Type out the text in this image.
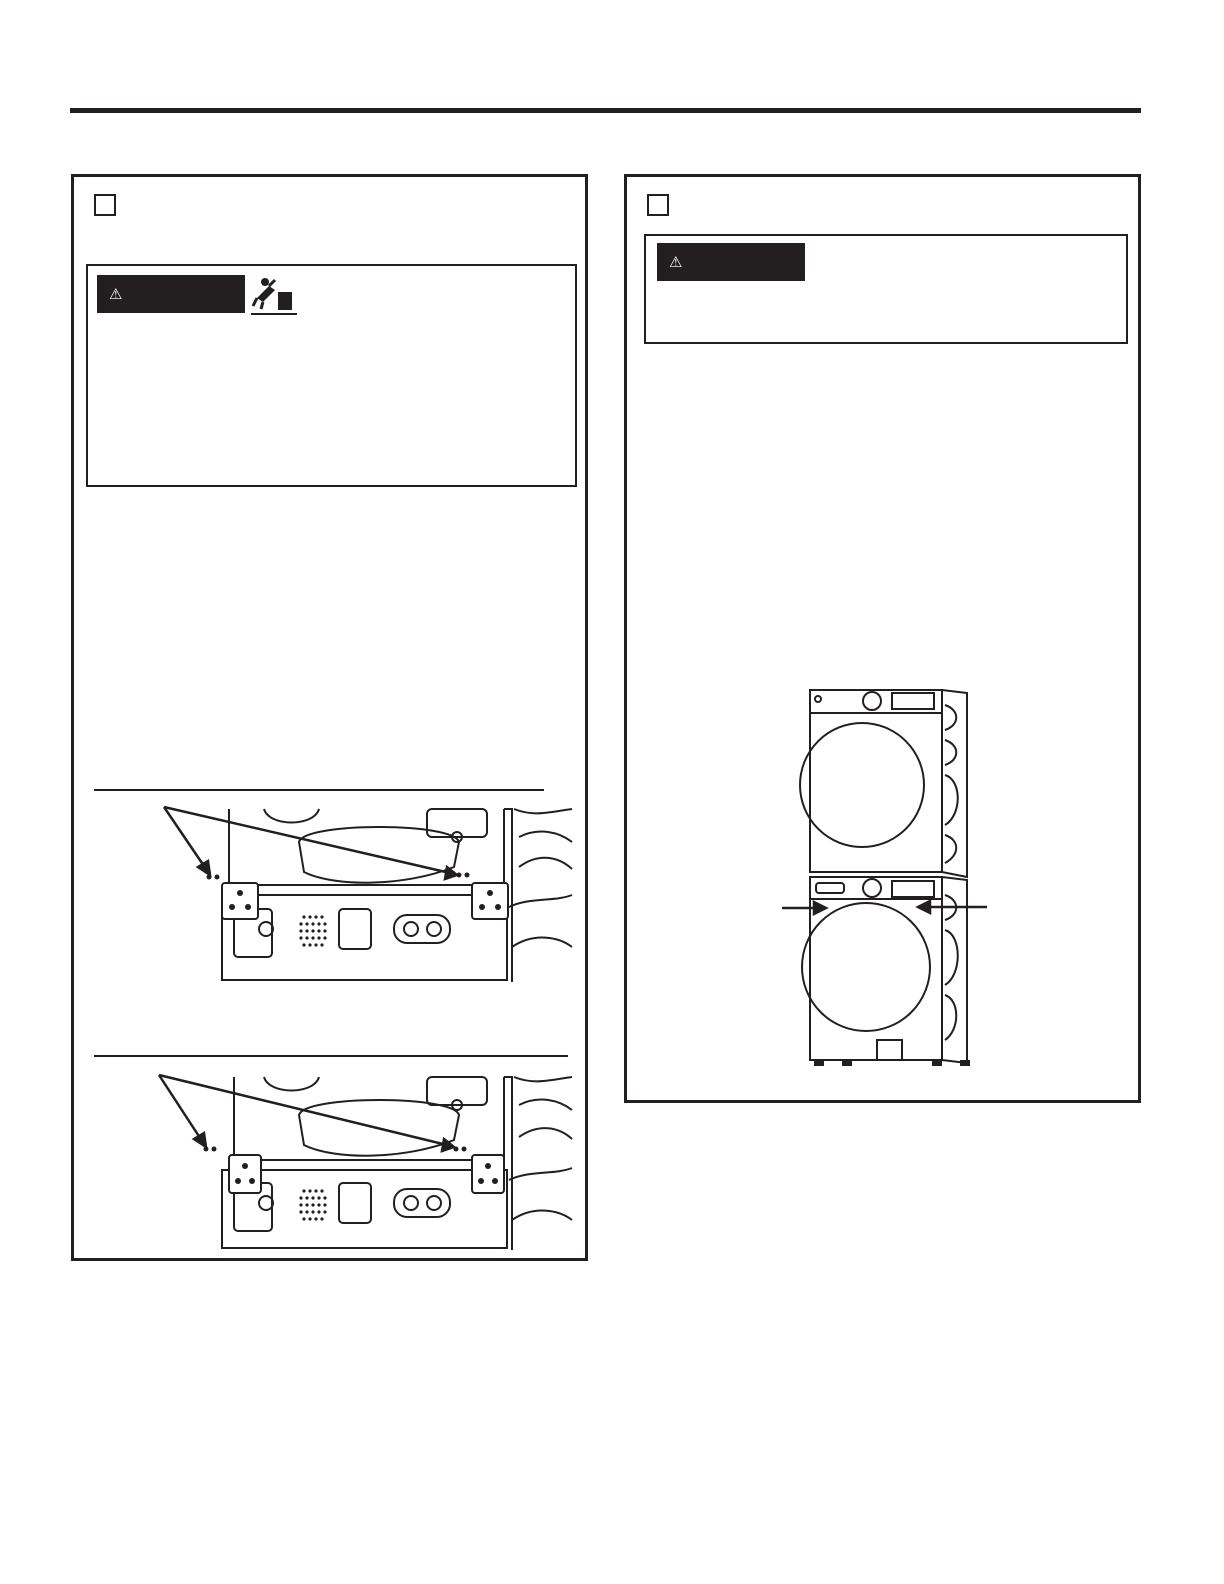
⚠
⚠
